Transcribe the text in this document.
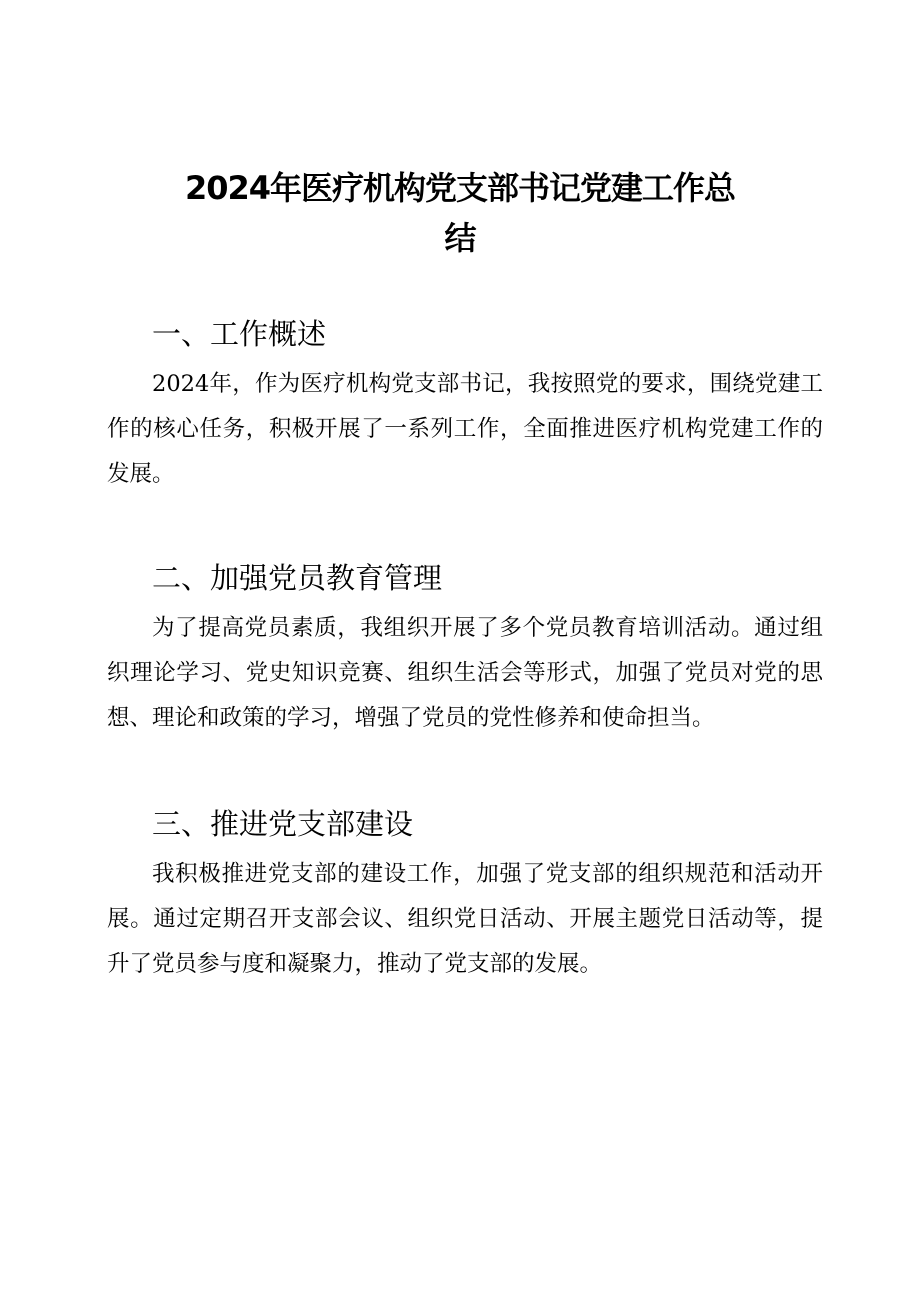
2024年医疗机构党支部书记党建工作总
结
一、工作概述

2024年，作为医疗机构党支部书记，我按照党的要求，围绕党建工作的核心任务，积极开展了一系列工作，全面推进医疗机构党建工作的发展。

二、加强党员教育管理

为了提高党员素质，我组织开展了多个党员教育培训活动。通过组织理论学习、党史知识竞赛、组织生活会等形式，加强了党员对党的思想、理论和政策的学习，增强了党员的党性修养和使命担当。

三、推进党支部建设

我积极推进党支部的建设工作，加强了党支部的组织规范和活动开展。通过定期召开支部会议、组织党日活动、开展主题党日活动等，提升了党员参与度和凝聚力，推动了党支部的发展。
